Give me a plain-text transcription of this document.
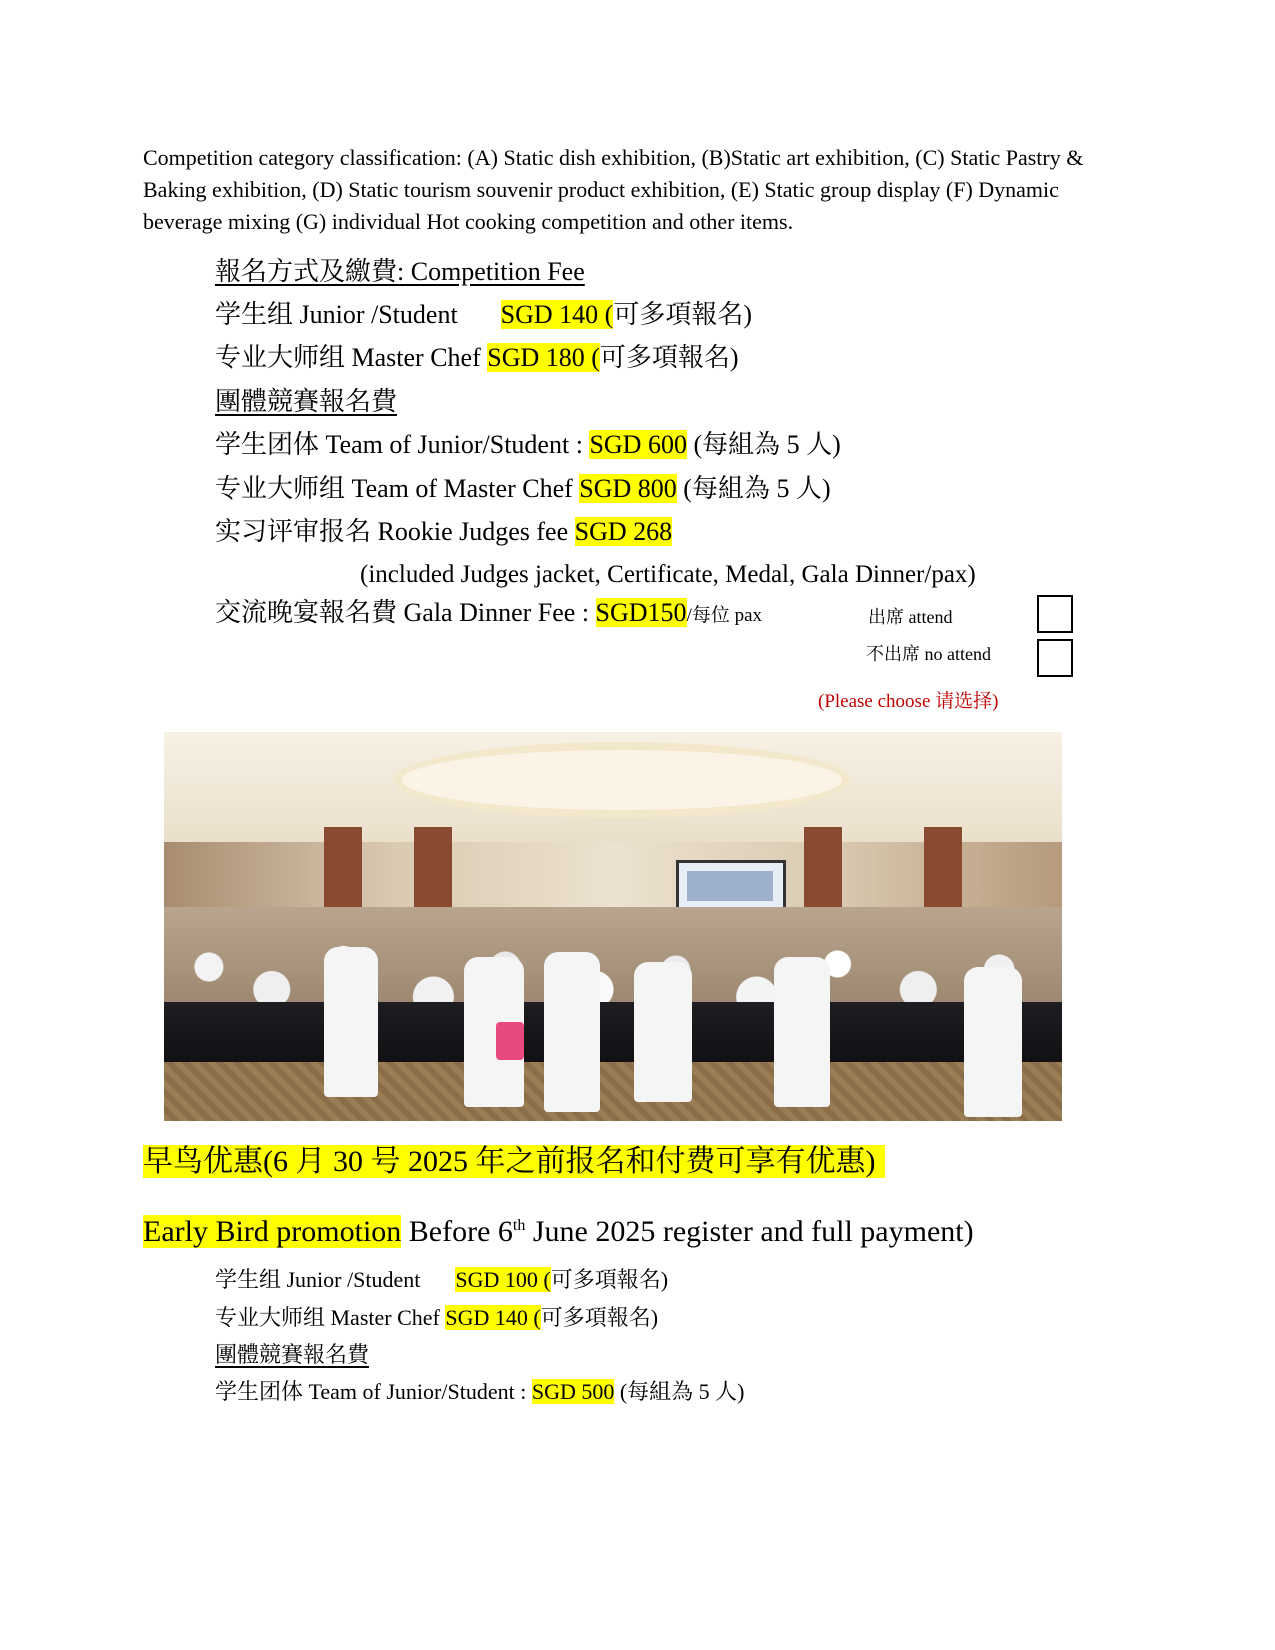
Competition category classification: (A) Static dish exhibition, (B)Static art exhibition, (C) Static Pastry & Baking exhibition, (D) Static tourism souvenir product exhibition, (E) Static group display (F) Dynamic beverage mixing (G) individual Hot cooking competition and other items.
報名方式及繳費: Competition Fee
学生组 Junior /Student SGD 140 (可多項報名)
专业大师组 Master Chef SGD 180 (可多項報名)
團體競賽報名費
学生团体 Team of Junior/Student : SGD 600 (每組為 5 人)
专业大师组 Team of Master Chef SGD 800 (每組為 5 人)
实习评审报名 Rookie Judges fee SGD 268
(included Judges jacket, Certificate, Medal, Gala Dinner/pax)
交流晚宴報名費 Gala Dinner Fee : SGD150/每位 pax	出席 attend
不出席 no attend
(Please choose 请选择)
早鸟优惠(6 月 30 号 2025 年之前报名和付费可享有优惠)
Early Bird promotion Before 6th June 2025 register and full payment)
学生组 Junior /Student SGD 100 (可多項報名)
专业大师组 Master Chef SGD 140 (可多項報名)
團體競賽報名費
学生团体 Team of Junior/Student : SGD 500 (每組為 5 人)
